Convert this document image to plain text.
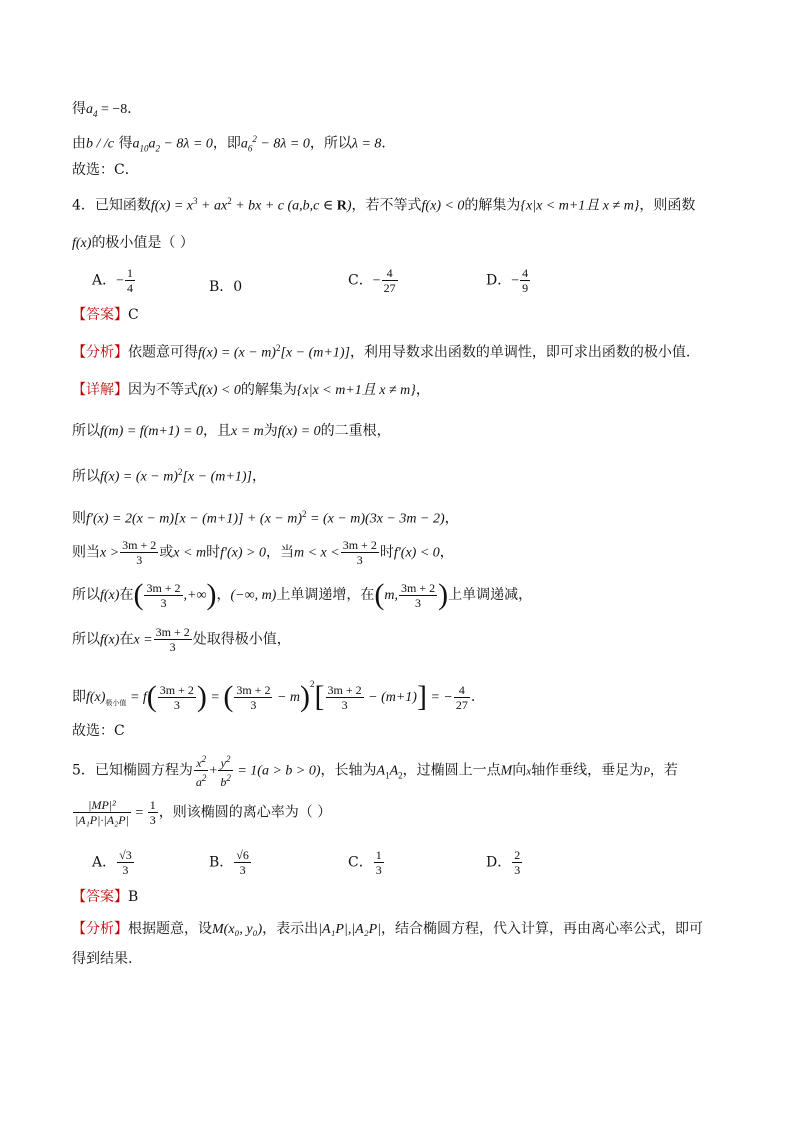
得$a_4 = -8$．
由b / /c 得$a_{10}a_2 - 8\lambda = 0$，即$a_6^2 - 8\lambda = 0$，所以λ = 8．
故选：C．
4．已知函数$f(x) = x^3 + ax^2$ + bx + c (a,b,c ∈ R)，若不等式f(x) < 0的解集为{x|x < m+1且 x ≠ m}，则函数
f(x)的极小值是（ ）
A．− $\frac{1}{4}$	B．0	C．− $\frac{4}{27}$	D．− $\frac{4}{9}$
【答案】C
【分析】依题意可得$f(x) = (x - m)^2[x - (m+1)]$，利用导数求出函数的单调性，即可求出函数的极小值.
【详解】因为不等式f(x) < 0的解集为{x|x < m+1且 x ≠ m}，
所以f(m) = f(m+1) = 0，且x = m为f(x) = 0的二重根，
所以$f(x) = (x - m)^2[x - (m+1)]$，
则$f'(x) = 2(x - m)[x - (m+1)] + (x - m)^2 = (x - m)(3x - 3m - 2)$，
则当$x > \frac{3m + 2}{3}$ 或x < m时f′(x) > 0，当$m < x < \frac{3m + 2}{3}$ 时f′(x) < 0，
所以f(x)在( $\frac{3m + 2}{3}$ ,+∞)，(−∞, m)上单调递增，在(m, $\frac{3m + 2}{3}$ )上单调递减，
所以f(x)在$x = \frac{3m + 2}{3}$ 处取得极小值，
即$f(x)_{极小值} = f( \frac{3m + 2}{3}$ ) = ( $\frac{3m + 2}{3} - m)^2[ \frac{3m + 2}{3} - (m+1)]$ = − $\frac{4}{27}$ .
故选：C
5．已知椭圆方程为 $\frac{x^2}{a^2} + \frac{y^2}{b^2} = 1(a > b > 0)$，长轴为$A_1A_2$，过椭圆上一点M向x轴作垂线，垂足为P，若
$\frac{\text{|MP|²}}{\text{|A₁P|·|A₂P|}} = \frac{1}{3}$ ，则该椭圆的离心率为（ ）
A． $\frac{√3}{3}$	B． $\frac{√6}{3}$	C． $\frac{1}{3}$	D． $\frac{2}{3}$
【答案】B
【分析】根据题意，设M(x₀, y₀)，表示出|A₁P|,|A₂P|，结合椭圆方程，代入计算，再由离心率公式，即可
得到结果.
